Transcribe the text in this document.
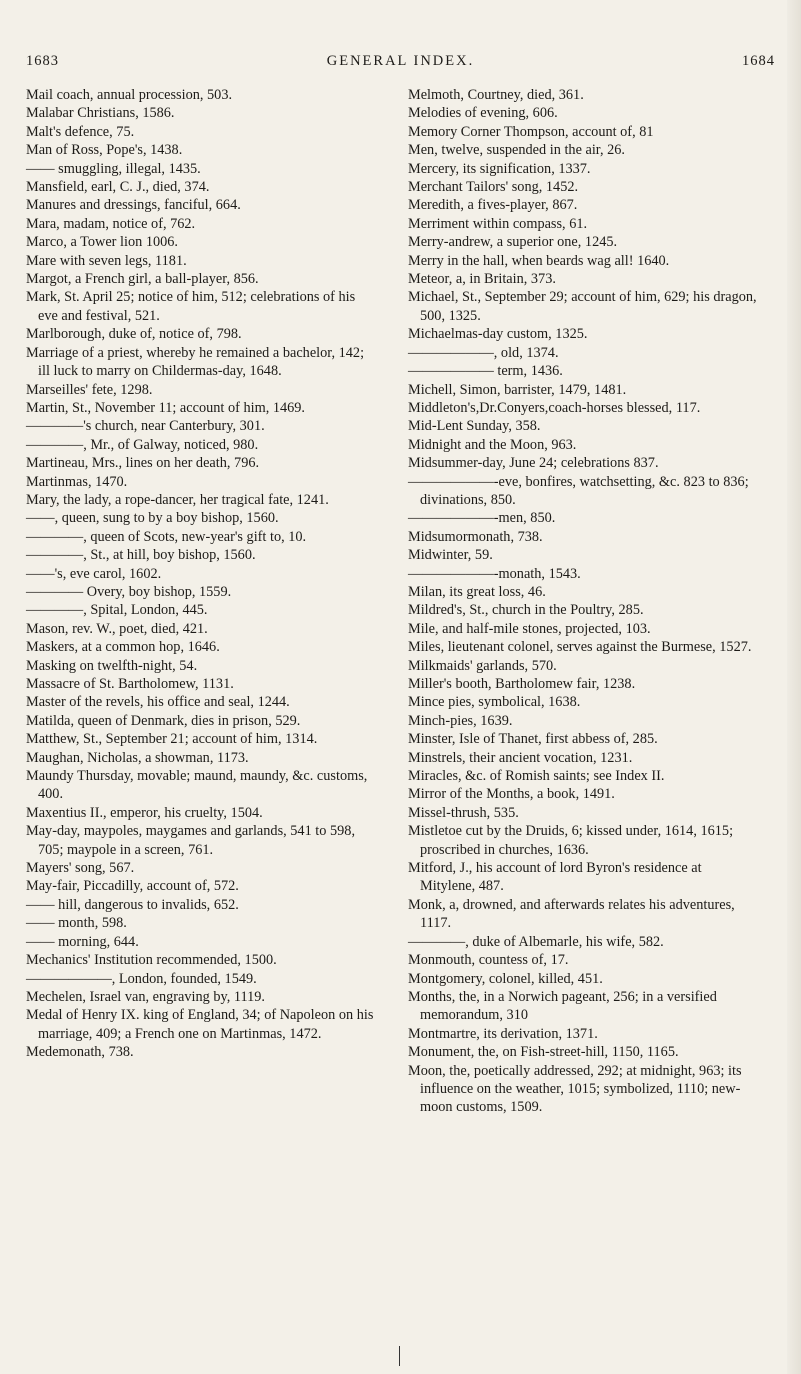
1683	GENERAL INDEX.	1684

Mail coach, annual procession, 503.

Malabar Christians, 1586.

Malt's defence, 75.

Man of Ross, Pope's, 1438.

—— smuggling, illegal, 1435.

Mansfield, earl, C. J., died, 374.

Manures and dressings, fanciful, 664.

Mara, madam, notice of, 762.

Marco, a Tower lion 1006.

Mare with seven legs, 1181.

Margot, a French girl, a ball-player, 856.

Mark, St. April 25; notice of him, 512; celebrations of his eve and festival, 521.

Marlborough, duke of, notice of, 798.

Marriage of a priest, whereby he remained a bachelor, 142; ill luck to marry on Childermas-day, 1648.

Marseilles' fete, 1298.

Martin, St., November 11; account of him, 1469.

————'s church, near Canterbury, 301.

————, Mr., of Galway, noticed, 980.

Martineau, Mrs., lines on her death, 796.

Martinmas, 1470.

Mary, the lady, a rope-dancer, her tragical fate, 1241.

——, queen, sung to by a boy bishop, 1560.

————, queen of Scots, new-year's gift to, 10.

————, St., at hill, boy bishop, 1560.

——'s, eve carol, 1602.

———— Overy, boy bishop, 1559.

————, Spital, London, 445.

Mason, rev. W., poet, died, 421.

Maskers, at a common hop, 1646.

Masking on twelfth-night, 54.

Massacre of St. Bartholomew, 1131.

Master of the revels, his office and seal, 1244.

Matilda, queen of Denmark, dies in prison, 529.

Matthew, St., September 21; account of him, 1314.

Maughan, Nicholas, a showman, 1173.

Maundy Thursday, movable; maund, maundy, &c. customs, 400.

Maxentius II., emperor, his cruelty, 1504.

May-day, maypoles, maygames and garlands, 541 to 598, 705; maypole in a screen, 761.

Mayers' song, 567.

May-fair, Piccadilly, account of, 572.

—— hill, dangerous to invalids, 652.

—— month, 598.

—— morning, 644.

Mechanics' Institution recommended, 1500.

——————, London, founded, 1549.

Mechelen, Israel van, engraving by, 1119.

Medal of Henry IX. king of England, 34; of Napoleon on his marriage, 409; a French one on Martinmas, 1472.

Medemonath, 738.

Melmoth, Courtney, died, 361.

Melodies of evening, 606.

Memory Corner Thompson, account of, 81

Men, twelve, suspended in the air, 26.

Mercery, its signification, 1337.

Merchant Tailors' song, 1452.

Meredith, a fives-player, 867.

Merriment within compass, 61.

Merry-andrew, a superior one, 1245.

Merry in the hall, when beards wag all! 1640.

Meteor, a, in Britain, 373.

Michael, St., September 29; account of him, 629; his dragon, 500, 1325.

Michaelmas-day custom, 1325.

——————, old, 1374.

—————— term, 1436.

Michell, Simon, barrister, 1479, 1481.

Middleton's,Dr.Conyers,coach-horses blessed, 117.

Mid-Lent Sunday, 358.

Midnight and the Moon, 963.

Midsummer-day, June 24; celebrations 837.

——————-eve, bonfires, watchsetting, &c. 823 to 836; divinations, 850.

——————-men, 850.

Midsumormonath, 738.

Midwinter, 59.

——————-monath, 1543.

Milan, its great loss, 46.

Mildred's, St., church in the Poultry, 285.

Mile, and half-mile stones, projected, 103.

Miles, lieutenant colonel, serves against the Burmese, 1527.

Milkmaids' garlands, 570.

Miller's booth, Bartholomew fair, 1238.

Mince pies, symbolical, 1638.

Minch-pies, 1639.

Minster, Isle of Thanet, first abbess of, 285.

Minstrels, their ancient vocation, 1231.

Miracles, &c. of Romish saints; see Index II.

Mirror of the Months, a book, 1491.

Missel-thrush, 535.

Mistletoe cut by the Druids, 6; kissed under, 1614, 1615; proscribed in churches, 1636.

Mitford, J., his account of lord Byron's residence at Mitylene, 487.

Monk, a, drowned, and afterwards relates his adventures, 1117.

————, duke of Albemarle, his wife, 582.

Monmouth, countess of, 17.

Montgomery, colonel, killed, 451.

Months, the, in a Norwich pageant, 256; in a versified memorandum, 310

Montmartre, its derivation, 1371.

Monument, the, on Fish-street-hill, 1150, 1165.

Moon, the, poetically addressed, 292; at midnight, 963; its influence on the weather, 1015; symbolized, 1110; new-moon customs, 1509.
